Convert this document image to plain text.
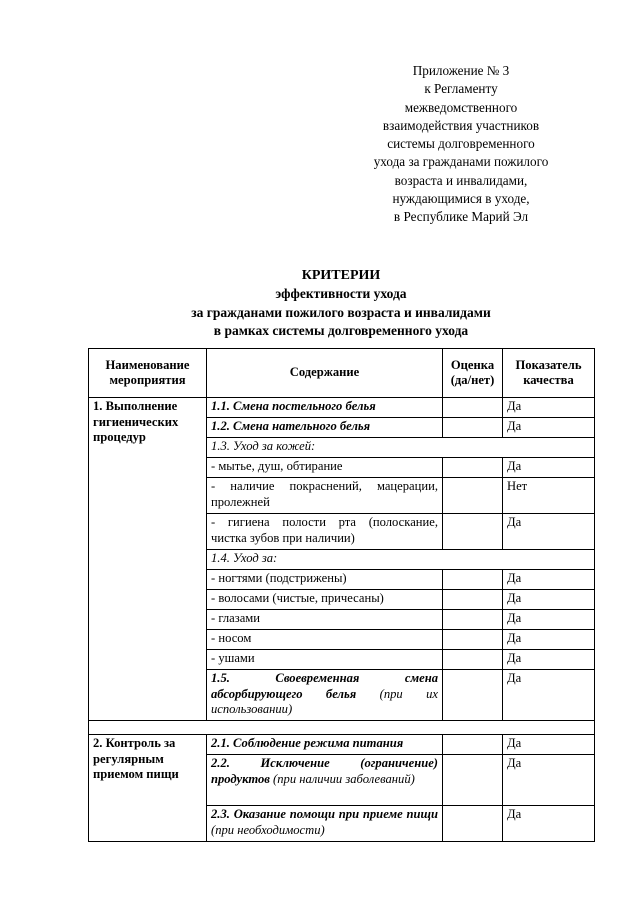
Приложение № 3
к Регламенту
межведомственного
взаимодействия участников
системы долговременного
ухода за гражданами пожилого
возраста и инвалидами,
нуждающимися в уходе,
в Республике Марий Эл
КРИТЕРИИ
эффективности ухода
за гражданами пожилого возраста и инвалидами
в рамках системы долговременного ухода
Наименование мероприятия	Содержание	Оценка (да/нет)	Показатель качества
1. Выполнение гигиенических процедур	1.1. Смена постельного белья		Да
	1.2. Смена нательного белья		Да
	1.3. Уход за кожей:		
	- мытье, душ, обтирание		Да
	- наличие покраснений, мацерации, пролежней		Нет
	- гигиена полости рта (полоскание, чистка зубов при наличии)		Да
	1.4. Уход за:		
	- ногтями (подстрижены)		Да
	- волосами (чистые, причесаны)		Да
	- глазами		Да
	- носом		Да
	- ушами		Да
	1.5. Своевременная смена абсорбирующего белья (при их использовании)		Да

2. Контроль за регулярным приемом пищи	2.1. Соблюдение режима питания		Да
	2.2. Исключение (ограничение) продуктов (при наличии заболеваний)		Да
	2.3. Оказание помощи при приеме пищи (при необходимости)		Да
